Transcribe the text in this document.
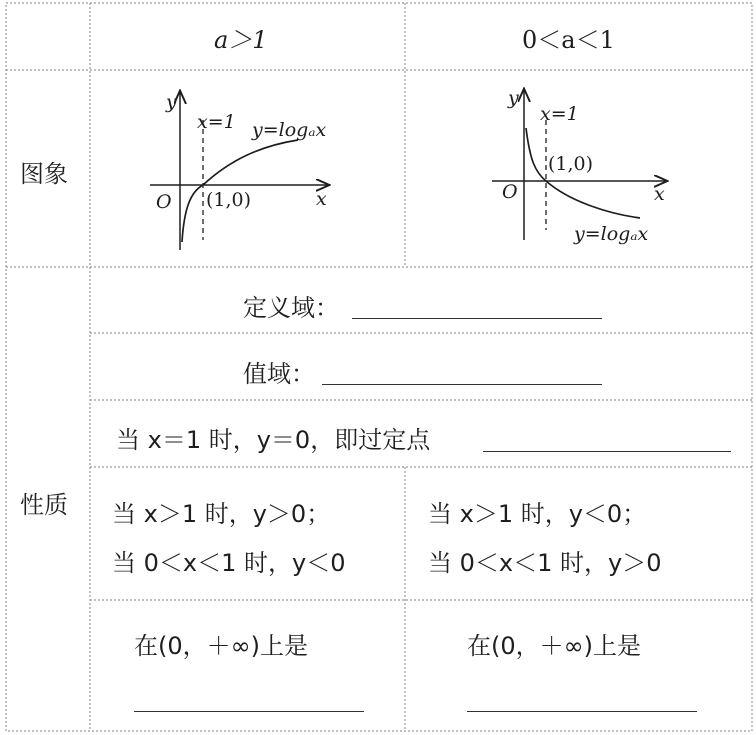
a＞1	0＜a＜1
图象
性质
y
x
O
x=1
(1,0)
y=logₐx
y
x
O
x=1
(1,0)
y=logₐx
定义域：
值域：
当 x＝1 时，y＝0，即过定点
当 x＞1 时，y＞0；
当 0＜x＜1 时，y＜0
当 x＞1 时，y＜0；
当 0＜x＜1 时，y＞0
在(0，＋∞)上是	在(0，＋∞)上是
